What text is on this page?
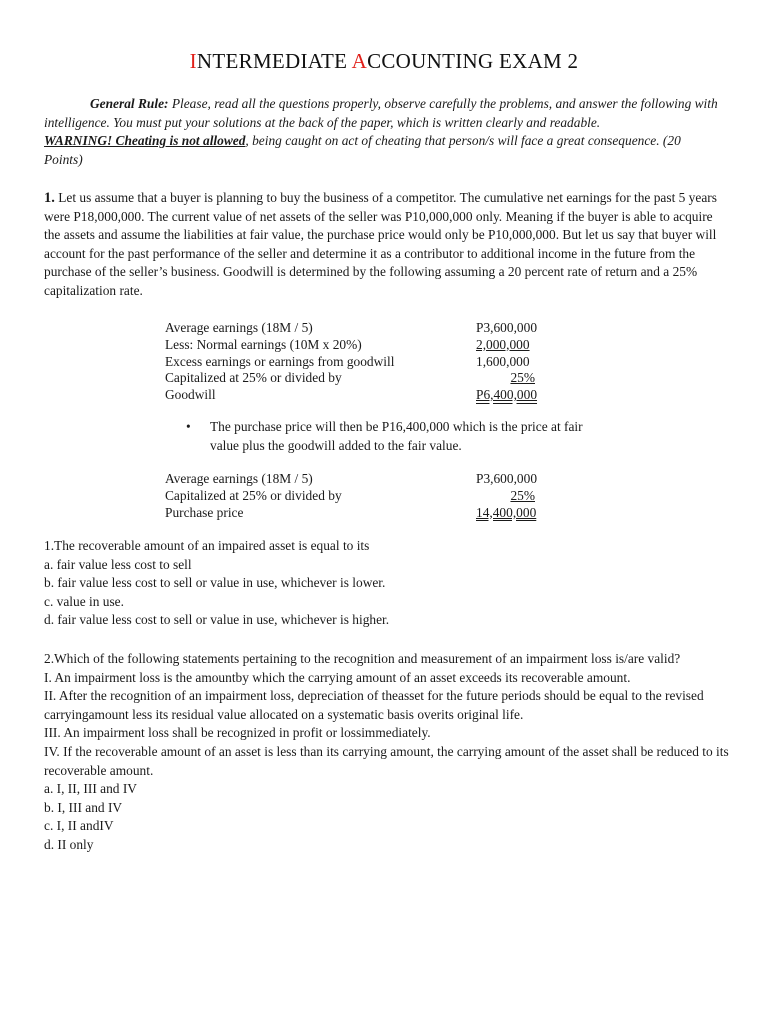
INTERMEDIATE ACCOUNTING EXAM 2
General Rule: Please, read all the questions properly, observe carefully the problems, and answer the following with intelligence. You must put your solutions at the back of the paper, which is written clearly and readable.
WARNING! Cheating is not allowed, being caught on act of cheating that person/s will face a great consequence. (20 Points)
1. Let us assume that a buyer is planning to buy the business of a competitor. The cumulative net earnings for the past 5 years were P18,000,000. The current value of net assets of the seller was P10,000,000 only. Meaning if the buyer is able to acquire the assets and assume the liabilities at fair value, the purchase price would only be P10,000,000. But let us say that buyer will account for the past performance of the seller and determine it as a contributor to additional income in the future from the purchase of the seller’s business. Goodwill is determined by the following assuming a 20 percent rate of return and a 25% capitalization rate.
Average earnings (18M / 5)	P3,600,000
Less: Normal earnings (10M x 20%)	2,000,000
Excess earnings or earnings from goodwill	1,600,000
Capitalized at 25% or divided by	25%
Goodwill	P6,400,000
• The purchase price will then be P16,400,000 which is the price at fair value plus the goodwill added to the fair value.
Average earnings (18M / 5)	P3,600,000
Capitalized at 25% or divided by	25%
Purchase price	14,400,000

1.The recoverable amount of an impaired asset is equal to its

a. fair value less cost to sell

b. fair value less cost to sell or value in use, whichever is lower.

c. value in use.

d. fair value less cost to sell or value in use, whichever is higher.

2.Which of the following statements pertaining to the recognition and measurement of an impairment loss is/are valid?

I. An impairment loss is the amountby which the carrying amount of an asset exceeds its recoverable amount.

II. After the recognition of an impairment loss, depreciation of theasset for the future periods should be equal to the revised carryingamount less its residual value allocated on a systematic basis overits original life.

III. An impairment loss shall be recognized in profit or lossimmediately.

IV. If the recoverable amount of an asset is less than its carrying amount, the carrying amount of the asset shall be reduced to its recoverable amount.

a. I, II, III and IV

b. I, III and IV

c. I, II andIV

d. II only
